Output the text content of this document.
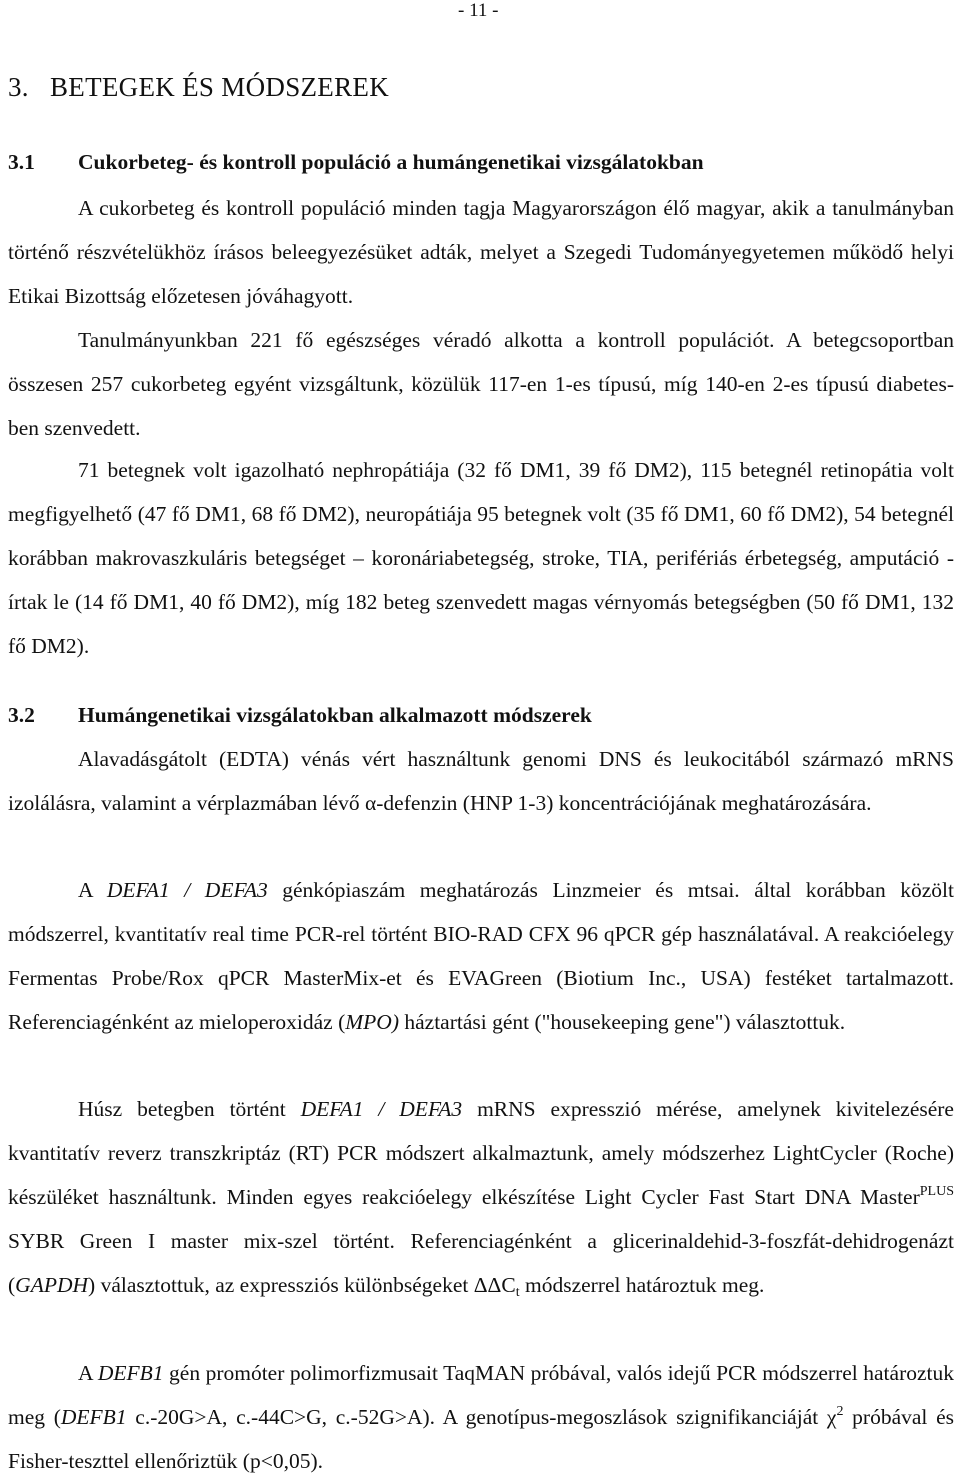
- 11 -
3.   BETEGEK ÉS MÓDSZEREK
3.1 Cukorbeteg- és kontroll populáció a humángenetikai vizsgálatokban
A cukorbeteg és kontroll populáció minden tagja Magyarországon élő magyar, akik a tanulmányban történő részvételükhöz írásos beleegyezésüket adták, melyet a Szegedi Tudományegyetemen működő helyi Etikai Bizottság előzetesen jóváhagyott.
Tanulmányunkban 221 fő egészséges véradó alkotta a kontroll populációt. A betegcsoportban összesen 257 cukorbeteg egyént vizsgáltunk, közülük 117-en 1-es típusú, míg 140-en 2-es típusú diabetes-ben szenvedett.
71 betegnek volt igazolható nephropátiája (32 fő DM1, 39 fő DM2), 115 betegnél retinopátia volt megfigyelhető (47 fő DM1, 68 fő DM2), neuropátiája 95 betegnek volt (35 fő DM1, 60 fő DM2), 54 betegnél korábban makrovaszkuláris betegséget – koronáriabetegség, stroke, TIA, perifériás érbetegség, amputáció - írtak le (14 fő DM1, 40 fő DM2), míg 182 beteg szenvedett magas vérnyomás betegségben (50 fő DM1, 132 fő DM2).
3.2 Humángenetikai vizsgálatokban alkalmazott módszerek
Alavadásgátolt (EDTA) vénás vért használtunk genomi DNS és leukocitából származó mRNS izolálásra, valamint a vérplazmában lévő α-defenzin (HNP 1-3) koncentrációjának meghatározására.
A DEFA1 / DEFA3 génkópiaszám meghatározás Linzmeier és mtsai. által korábban közölt módszerrel, kvantitatív real time PCR-rel történt BIO-RAD CFX 96 qPCR gép használatával. A reakcióelegy Fermentas Probe/Rox qPCR MasterMix-et és EVAGreen (Biotium Inc., USA) festéket tartalmazott. Referenciagénként az mieloperoxidáz (MPO) háztartási gént ("housekeeping gene") választottuk.
Húsz betegben történt DEFA1 / DEFA3 mRNS expresszió mérése, amelynek kivitelezésére kvantitatív reverz transzkriptáz (RT) PCR módszert alkalmaztunk, amely módszerhez LightCycler (Roche) készüléket használtunk. Minden egyes reakcióelegy elkészítése Light Cycler Fast Start DNA Master$^{PLUS}$ SYBR Green I master mix-szel történt. Referenciagénként a glicerinaldehid-3-foszfát-dehidrogenázt (GAPDH) választottuk, az expressziós különbségeket $\Delta\Delta C_t$ módszerrel határoztuk meg.
A DEFB1 gén promóter polimorfizmusait TaqMAN próbával, valós idejű PCR módszerrel határoztuk meg (DEFB1 c.-20G>A, c.-44C>G, c.-52G>A). A genotípus-megoszlások szignifikanciáját $\chi^2$ próbával és Fisher-teszttel ellenőriztük (p<0,05).
